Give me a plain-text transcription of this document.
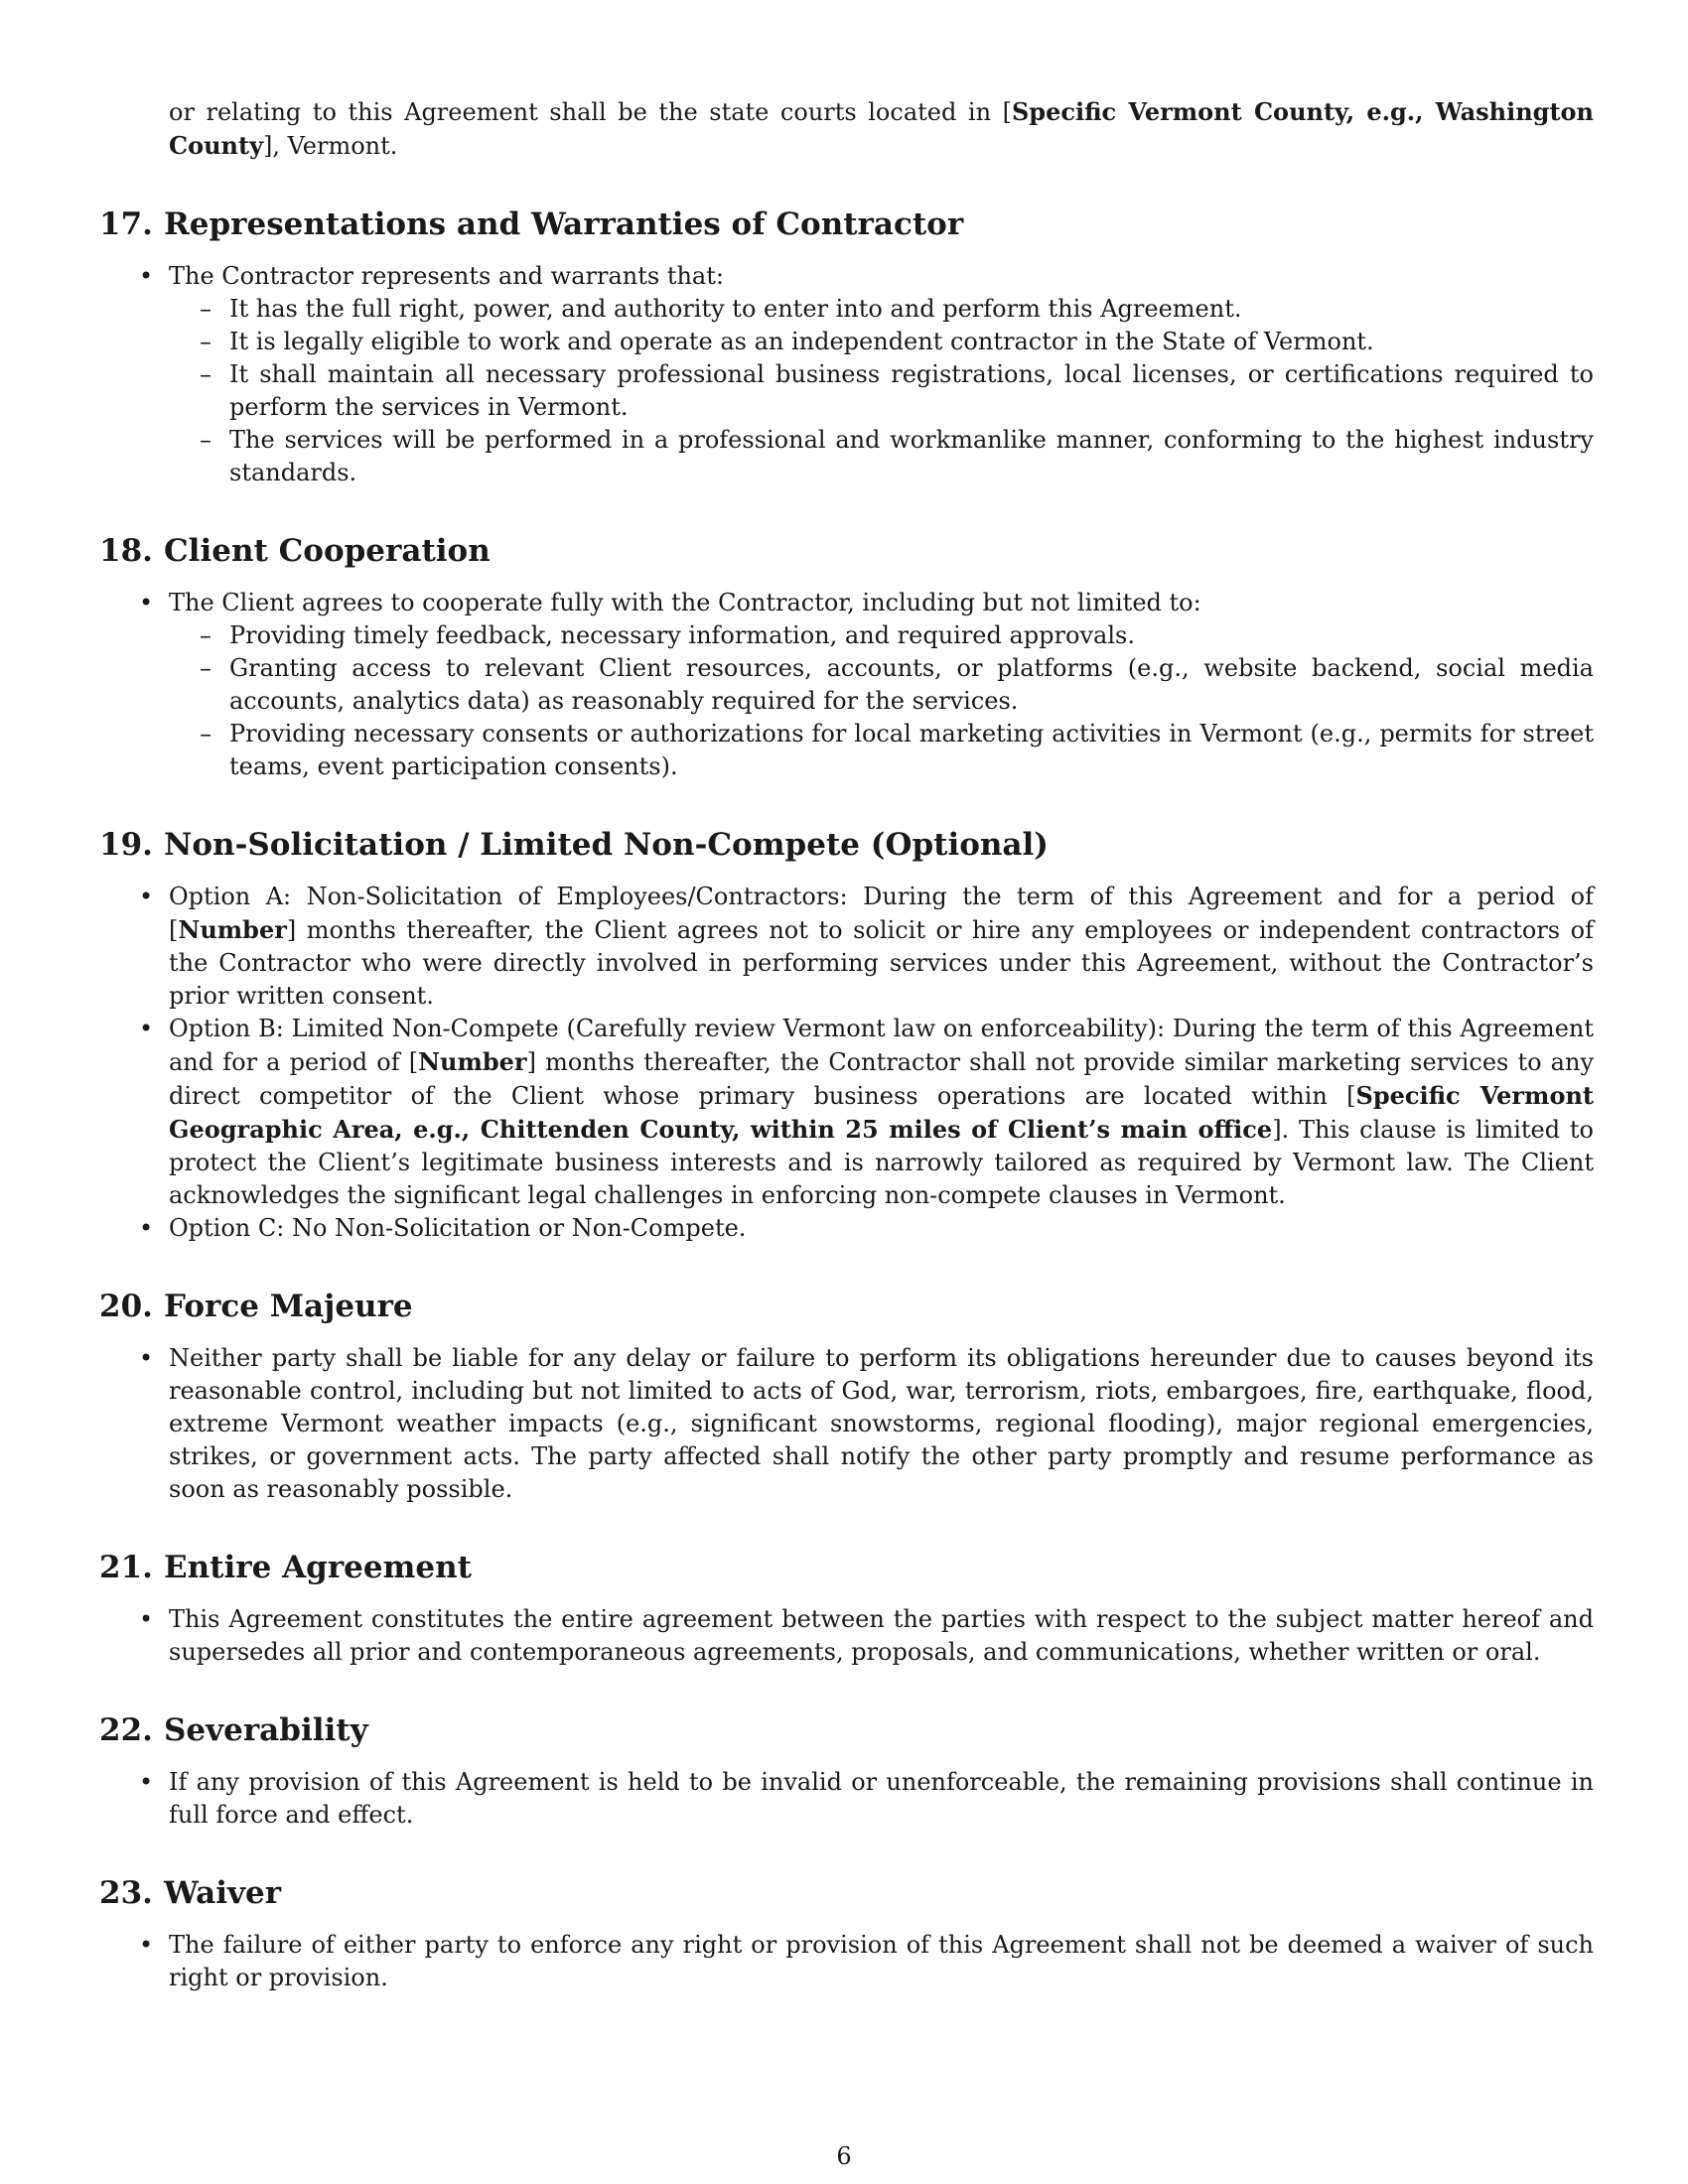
or relating to this Agreement shall be the state courts located in [Specific Vermont County, e.g., Washington County], Vermont.

17. Representations and Warranties of Contractor
• The Contractor represents and warrants that:
– It has the full right, power, and authority to enter into and perform this Agreement.
– It is legally eligible to work and operate as an independent contractor in the State of Vermont.
– It shall maintain all necessary professional business registrations, local licenses, or certifications required to perform the services in Vermont.
– The services will be performed in a professional and workmanlike manner, conforming to the highest industry standards.
18. Client Cooperation
• The Client agrees to cooperate fully with the Contractor, including but not limited to:
– Providing timely feedback, necessary information, and required approvals.
– Granting access to relevant Client resources, accounts, or platforms (e.g., website backend, social media accounts, analytics data) as reasonably required for the services.
– Providing necessary consents or authorizations for local marketing activities in Vermont (e.g., permits for street teams, event participation consents).
19. Non-Solicitation / Limited Non-Compete (Optional)
• Option A: Non-Solicitation of Employees/Contractors: During the term of this Agreement and for a period of [Number] months thereafter, the Client agrees not to solicit or hire any employees or independent contractors of the Contractor who were directly involved in performing services under this Agreement, without the Contractor’s prior written consent.
• Option B: Limited Non-Compete (Carefully review Vermont law on enforceability): During the term of this Agreement and for a period of [Number] months thereafter, the Contractor shall not provide similar marketing services to any direct competitor of the Client whose primary business operations are located within [Specific Vermont Geographic Area, e.g., Chittenden County, within 25 miles of Client’s main office]. This clause is limited to protect the Client’s legitimate business interests and is narrowly tailored as required by Vermont law. The Client acknowledges the significant legal challenges in enforcing non-compete clauses in Vermont.
• Option C: No Non-Solicitation or Non-Compete.
20. Force Majeure
• Neither party shall be liable for any delay or failure to perform its obligations hereunder due to causes beyond its reasonable control, including but not limited to acts of God, war, terrorism, riots, embargoes, fire, earthquake, flood, extreme Vermont weather impacts (e.g., significant snowstorms, regional flooding), major regional emergencies, strikes, or government acts. The party affected shall notify the other party promptly and resume performance as soon as reasonably possible.
21. Entire Agreement
• This Agreement constitutes the entire agreement between the parties with respect to the subject matter hereof and supersedes all prior and contemporaneous agreements, proposals, and communications, whether written or oral.
22. Severability
• If any provision of this Agreement is held to be invalid or unenforceable, the remaining provisions shall continue in full force and effect.
23. Waiver
• The failure of either party to enforce any right or provision of this Agreement shall not be deemed a waiver of such right or provision.
6
